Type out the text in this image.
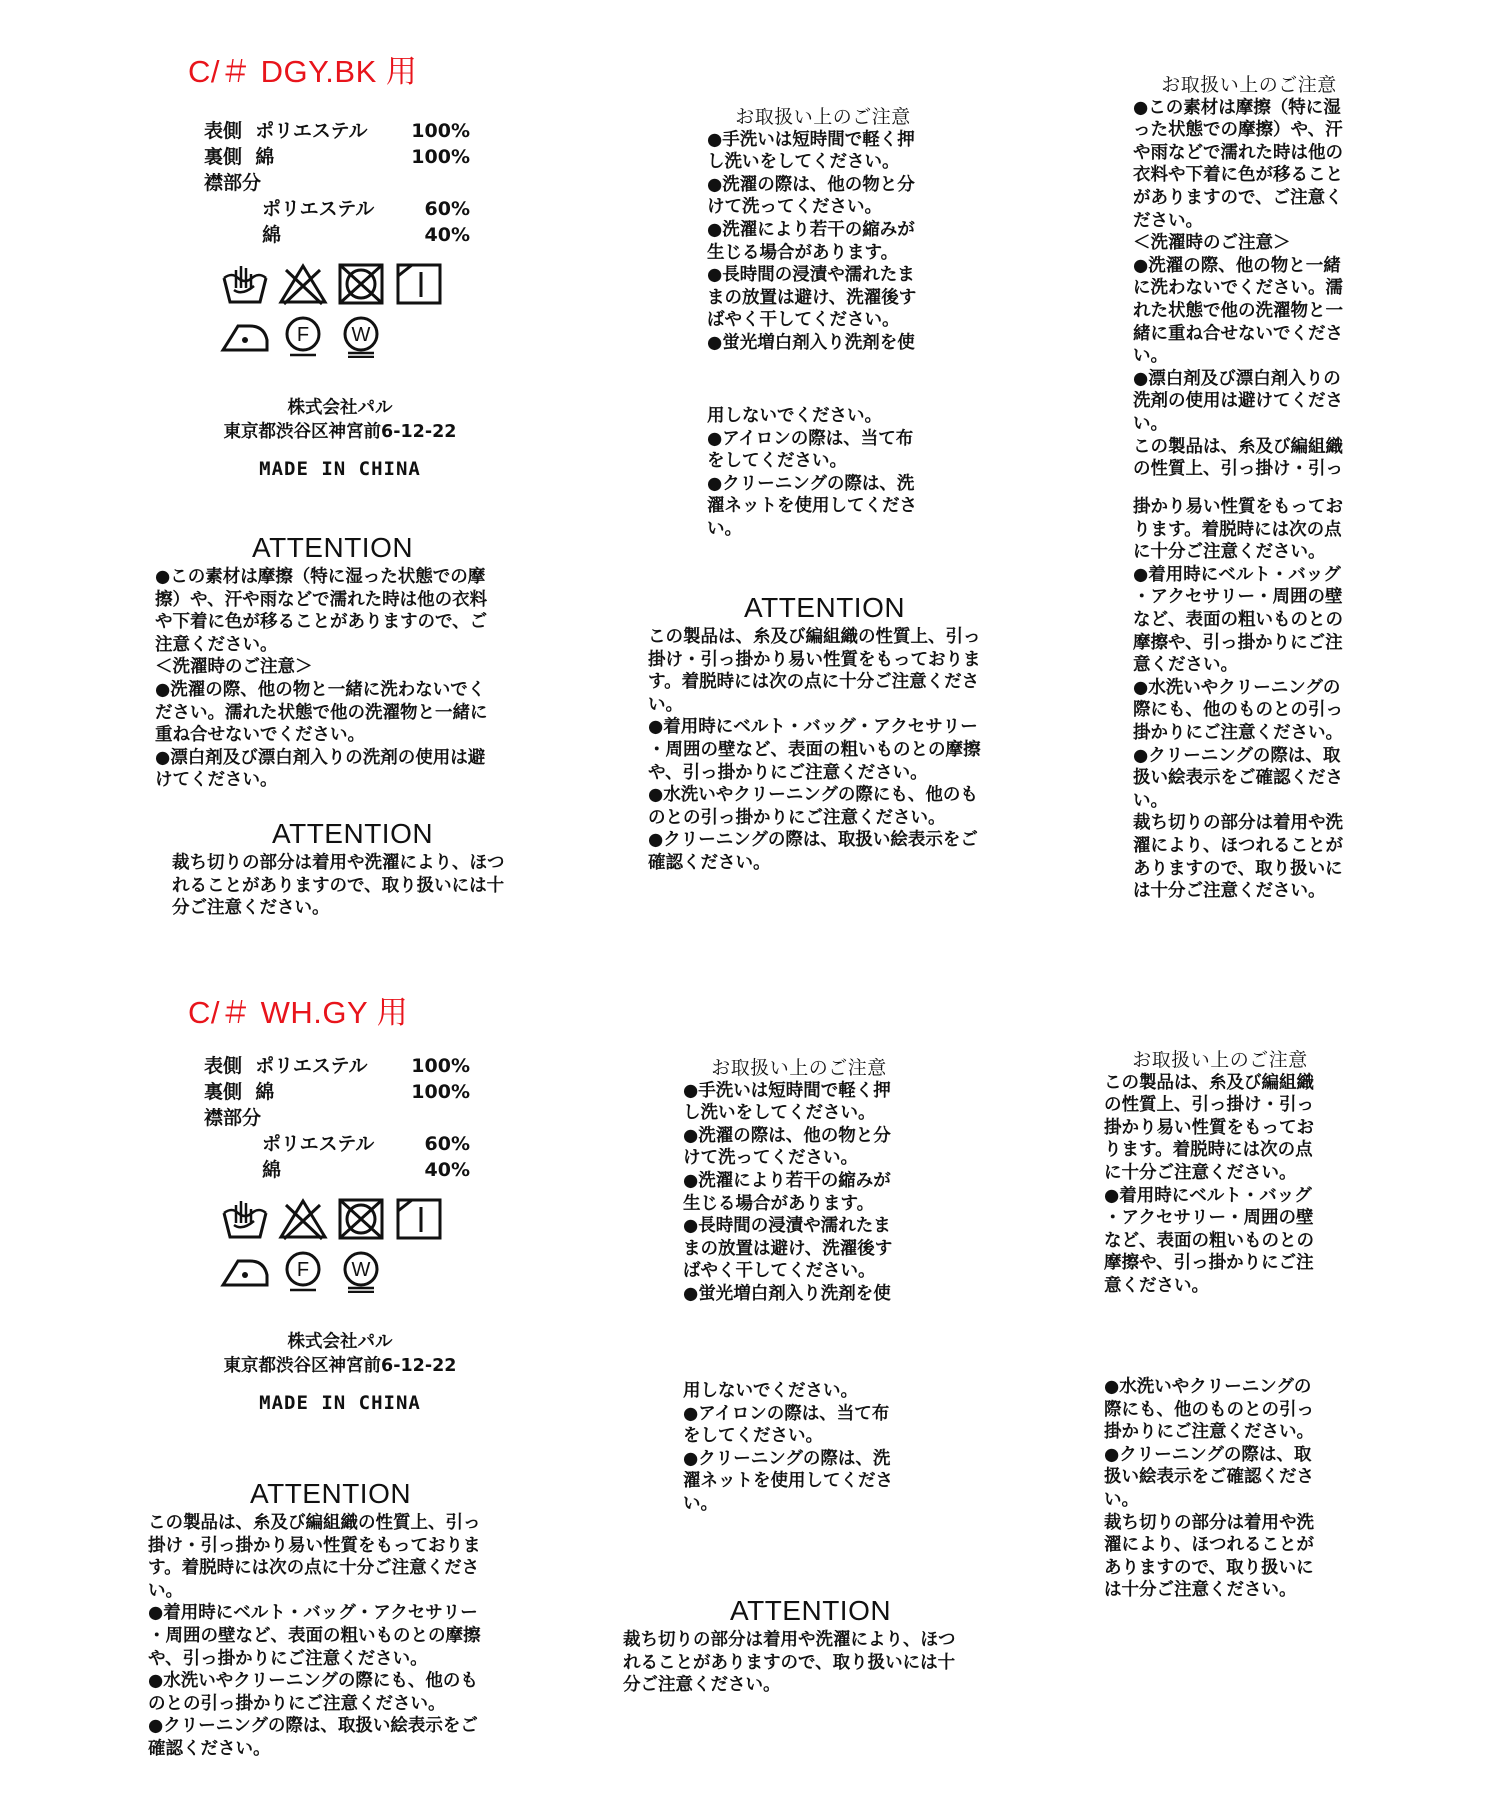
C/＃ DGY.BK 用
表側 ポリエステル	100%
裏側 綿	100%
襟部分
ポリエステル	60%
綿	40%
F W
株式会社パル
東京都渋谷区神宮前6-12-22
MADE IN CHINA
ATTENTION
●この素材は摩擦（特に湿った状態での摩
擦）や、汗や雨などで濡れた時は他の衣料
や下着に色が移ることがありますので、ご
注意ください。
＜洗濯時のご注意＞
●洗濯の際、他の物と一緒に洗わないでく
ださい。濡れた状態で他の洗濯物と一緒に
重ね合せないでください。
●漂白剤及び漂白剤入りの洗剤の使用は避
けてください。
ATTENTION
裁ち切りの部分は着用や洗濯により、ほつ
れることがありますので、取り扱いには十
分ご注意ください。
お取扱い上のご注意
●手洗いは短時間で軽く押
し洗いをしてください。
●洗濯の際は、他の物と分
けて洗ってください。
●洗濯により若干の縮みが
生じる場合があります。
●長時間の浸漬や濡れたま
まの放置は避け、洗濯後す
ばやく干してください。
●蛍光増白剤入り洗剤を使
用しないでください。
●アイロンの際は、当て布
をしてください。
●クリーニングの際は、洗
濯ネットを使用してくださ
い。
ATTENTION
この製品は、糸及び編組織の性質上、引っ
掛け・引っ掛かり易い性質をもっておりま
す。着脱時には次の点に十分ご注意くださ
い。
●着用時にベルト・バッグ・アクセサリー
・周囲の壁など、表面の粗いものとの摩擦
や、引っ掛かりにご注意ください。
●水洗いやクリーニングの際にも、他のも
のとの引っ掛かりにご注意ください。
●クリーニングの際は、取扱い絵表示をご
確認ください。
お取扱い上のご注意
●この素材は摩擦（特に湿
った状態での摩擦）や、汗
や雨などで濡れた時は他の
衣料や下着に色が移ること
がありますので、ご注意く
ださい。
＜洗濯時のご注意＞
●洗濯の際、他の物と一緒
に洗わないでください。濡
れた状態で他の洗濯物と一
緒に重ね合せないでくださ
い。
●漂白剤及び漂白剤入りの
洗剤の使用は避けてくださ
い。
この製品は、糸及び編組織
の性質上、引っ掛け・引っ
掛かり易い性質をもってお
ります。着脱時には次の点
に十分ご注意ください。
●着用時にベルト・バッグ
・アクセサリー・周囲の壁
など、表面の粗いものとの
摩擦や、引っ掛かりにご注
意ください。
●水洗いやクリーニングの
際にも、他のものとの引っ
掛かりにご注意ください。
●クリーニングの際は、取
扱い絵表示をご確認くださ
い。
裁ち切りの部分は着用や洗
濯により、ほつれることが
ありますので、取り扱いに
は十分ご注意ください。
C/＃ WH.GY 用
表側 ポリエステル	100%
裏側 綿	100%
襟部分
ポリエステル	60%
綿	40%
F W
株式会社パル
東京都渋谷区神宮前6-12-22
MADE IN CHINA
ATTENTION
この製品は、糸及び編組織の性質上、引っ
掛け・引っ掛かり易い性質をもっておりま
す。着脱時には次の点に十分ご注意くださ
い。
●着用時にベルト・バッグ・アクセサリー
・周囲の壁など、表面の粗いものとの摩擦
や、引っ掛かりにご注意ください。
●水洗いやクリーニングの際にも、他のも
のとの引っ掛かりにご注意ください。
●クリーニングの際は、取扱い絵表示をご
確認ください。
お取扱い上のご注意
●手洗いは短時間で軽く押
し洗いをしてください。
●洗濯の際は、他の物と分
けて洗ってください。
●洗濯により若干の縮みが
生じる場合があります。
●長時間の浸漬や濡れたま
まの放置は避け、洗濯後す
ばやく干してください。
●蛍光増白剤入り洗剤を使
用しないでください。
●アイロンの際は、当て布
をしてください。
●クリーニングの際は、洗
濯ネットを使用してくださ
い。
ATTENTION
裁ち切りの部分は着用や洗濯により、ほつ
れることがありますので、取り扱いには十
分ご注意ください。
お取扱い上のご注意
この製品は、糸及び編組織
の性質上、引っ掛け・引っ
掛かり易い性質をもってお
ります。着脱時には次の点
に十分ご注意ください。
●着用時にベルト・バッグ
・アクセサリー・周囲の壁
など、表面の粗いものとの
摩擦や、引っ掛かりにご注
意ください。
●水洗いやクリーニングの
際にも、他のものとの引っ
掛かりにご注意ください。
●クリーニングの際は、取
扱い絵表示をご確認くださ
い。
裁ち切りの部分は着用や洗
濯により、ほつれることが
ありますので、取り扱いに
は十分ご注意ください。
